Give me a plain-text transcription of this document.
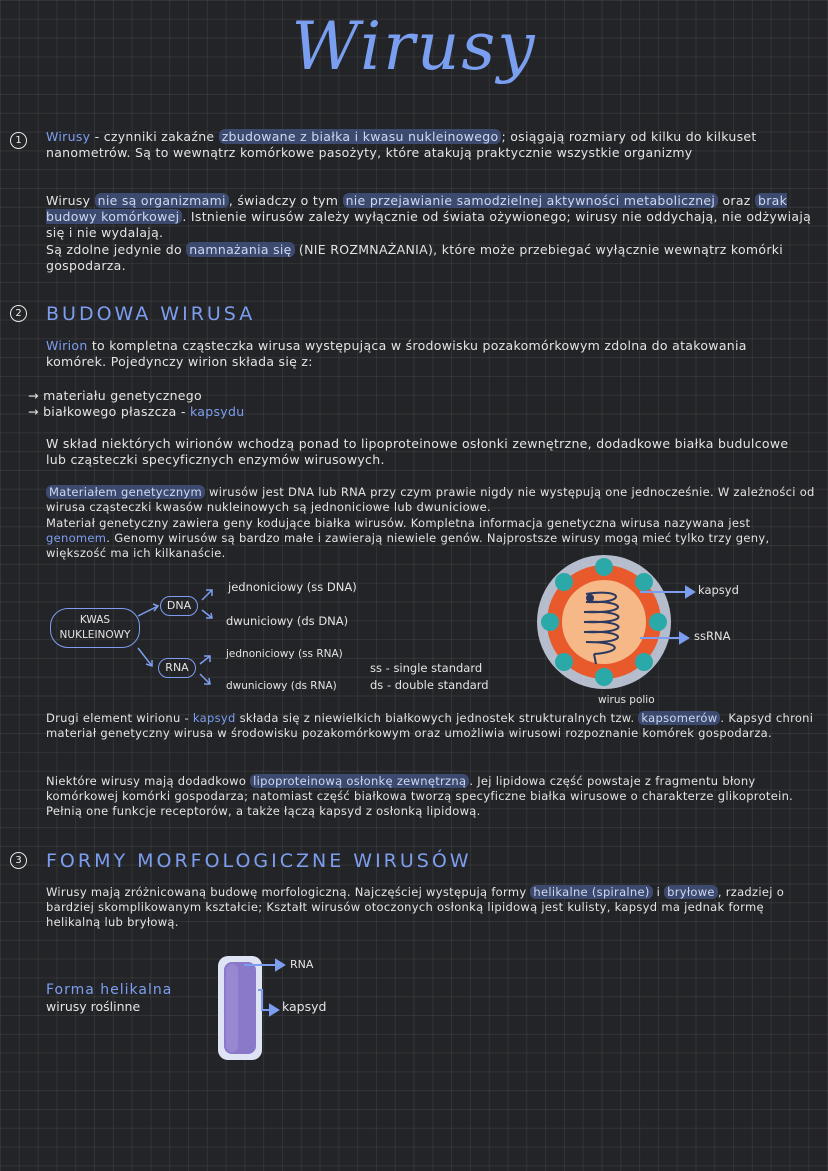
Wirusy
1	Wirusy - czynniki zakaźne zbudowane z białka i kwasu nukleinowego ; osiągają rozmiary od kilku do kilkuset nanometrów. Są to wewnątrz komórkowe pasożyty, które atakują praktycznie wszystkie organizmy
Wirusy nie są organizmami , świadczy o tym nie przejawianie samodzielnej aktywności metabolicznej oraz brak budowy komórkowej . Istnienie wirusów zależy wyłącznie od świata ożywionego; wirusy nie oddychają, nie odżywiają się i nie wydalają.
Są zdolne jedynie do namnażania się (NIE ROZMNAŻANIA), które może przebiegać wyłącznie wewnątrz komórki gospodarza.
2 BUDOWA WIRUSA
Wirion to kompletna cząsteczka wirusa występująca w środowisku pozakomórkowym zdolna do atakowania komórek. Pojedynczy wirion składa się z:
→ materiału genetycznego
→ białkowego płaszcza - kapsydu
W skład niektórych wirionów wchodzą ponad to lipoproteinowe osłonki zewnętrzne, dodadkowe białka budulcowe lub cząsteczki specyficznych enzymów wirusowych.
Materiałem genetycznym wirusów jest DNA lub RNA przy czym prawie nigdy nie występują one jednocześnie. W zależności od wirusa cząsteczki kwasów nukleinowych są jednoniciowe lub dwuniciowe.
Materiał genetyczny zawiera geny kodujące białka wirusów. Kompletna informacja genetyczna wirusa nazywana jest genomem. Genomy wirusów są bardzo małe i zawierają niewiele genów. Najprostsze wirusy mogą mieć tylko trzy geny, większość ma ich kilkanaście.
KWAS NUKLEINOWY
DNA
RNA
jednoniciowy (ss DNA)
dwuniciowy (ds DNA)
jednoniciowy (ss RNA)
dwuniciowy (ds RNA)
ss - single standard
ds - double standard
kapsyd
ssRNA
wirus polio
Drugi element wirionu - kapsyd składa się z niewielkich białkowych jednostek strukturalnych tzw. kapsomerów . Kapsyd chroni materiał genetyczny wirusa w środowisku pozakomórkowym oraz umożliwia wirusowi rozpoznanie komórek gospodarza.
Niektóre wirusy mają dodadkowo lipoproteinową osłonkę zewnętrzną . Jej lipidowa część powstaje z fragmentu błony komórkowej komórki gospodarza; natomiast część białkowa tworzą specyficzne białka wirusowe o charakterze glikoprotein. Pełnią one funkcje receptorów, a także łączą kapsyd z osłonką lipidową.
3 FORMY MORFOLOGICZNE WIRUSÓW
Wirusy mają zróżnicowaną budowę morfologiczną. Najczęściej występują formy helikalne (spiralne) i bryłowe , rzadziej o bardziej skomplikowanym kształcie; Kształt wirusów otoczonych osłonką lipidową jest kulisty, kapsyd ma jednak formę helikalną lub bryłową.
Forma helikalna
wirusy roślinne
RNA
kapsyd
